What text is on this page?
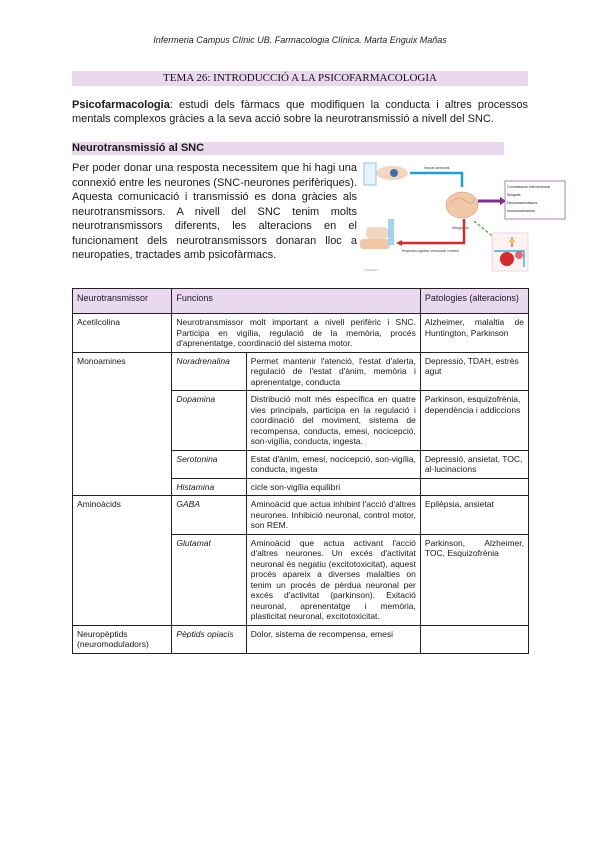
Infermeria Campus Clínic UB. Farmacologia Clínica. Marta Enguix Mañas
TEMA 26: INTRODUCCIÓ A LA PSICOFARMACOLOGIA
Psicofarmacologia: estudi dels fàrmacs que modifiquen la conducta i altres processos mentals complexos gràcies a la seva acció sobre la neurotransmissió a nivell del SNC.
Neurotransmissió al SNC
Per poder donar una resposta necessitem que hi hagi una connexió entre les neurones (SNC-neurones perifèriques). Aquesta comunicació i transmissió es dona gràcies als neurotransmissors. A nivell del SNC tenim molts neurotransmissors diferents, les alteracions en el funcionament dels neurotransmissors donaran lloc a neuropaties, tractades amb psicofàrmacs.
Impuls sensorial
Integració
Resposta cognitiva i emocional / motora
Comunicació interneuronal
Sinapsis
Neurotransmissors
neuromoduladors
© Elsevier
Neurotransmissor	Funcions		Patologies (alteracions)
Acetilcolina	Neurotransmissor molt important a nivell perifèric i SNC. Participa en vigília, regulació de la memòria, procés d'aprenentatge, coordinació del sistema motor.		Alzheimer, malaltia de Huntington, Parkinson
Monoamines	Noradrenalina	Permet mantenir l'atenció, l'estat d'alerta, regulació de l'estat d'ànim, memòria i aprenentatge, conducta	Depressió, TDAH, estrès agut
	Dopamina	Distribució molt més específica en quatre vies principals, participa en la regulació i coordinació del moviment, sistema de recompensa, conducta, emesi, nocicepció, son-vigília, conducta, ingesta.	Parkinson, esquizofrènia, dependència i addiccions
	Serotonina	Estat d'ànim, emesi, nocicepció, son-vigília, conducta, ingesta	Depressió, ansietat, TOC, al·lucinacions
	Histamina	cicle son-vigília equilibri	
Aminoàcids	GABA	Aminoàcid que actua inhibint l'acció d'altres neurones. Inhibició neuronal, control motor, son REM.	Epilèpsia, ansietat
	Glutamat	Aminoàcid que actua activant l'acció d'altres neurones. Un excés d'activitat neuronal és negatiu (excitotoxicitat), aquest procés apareix a diverses malalties on tenim un procés de pèrdua neuronal per excés d'activitat (parkinson). Exitació neuronal, aprenentatge i memòria, plasticitat neuronal, excitotoxicitat.	Parkinson, Alzheimer, TOC, Esquizofrènia
Neuropèptids (neuromoduladors)	Pèptids opiacis	Dolor, sistema de recompensa, emesi	
